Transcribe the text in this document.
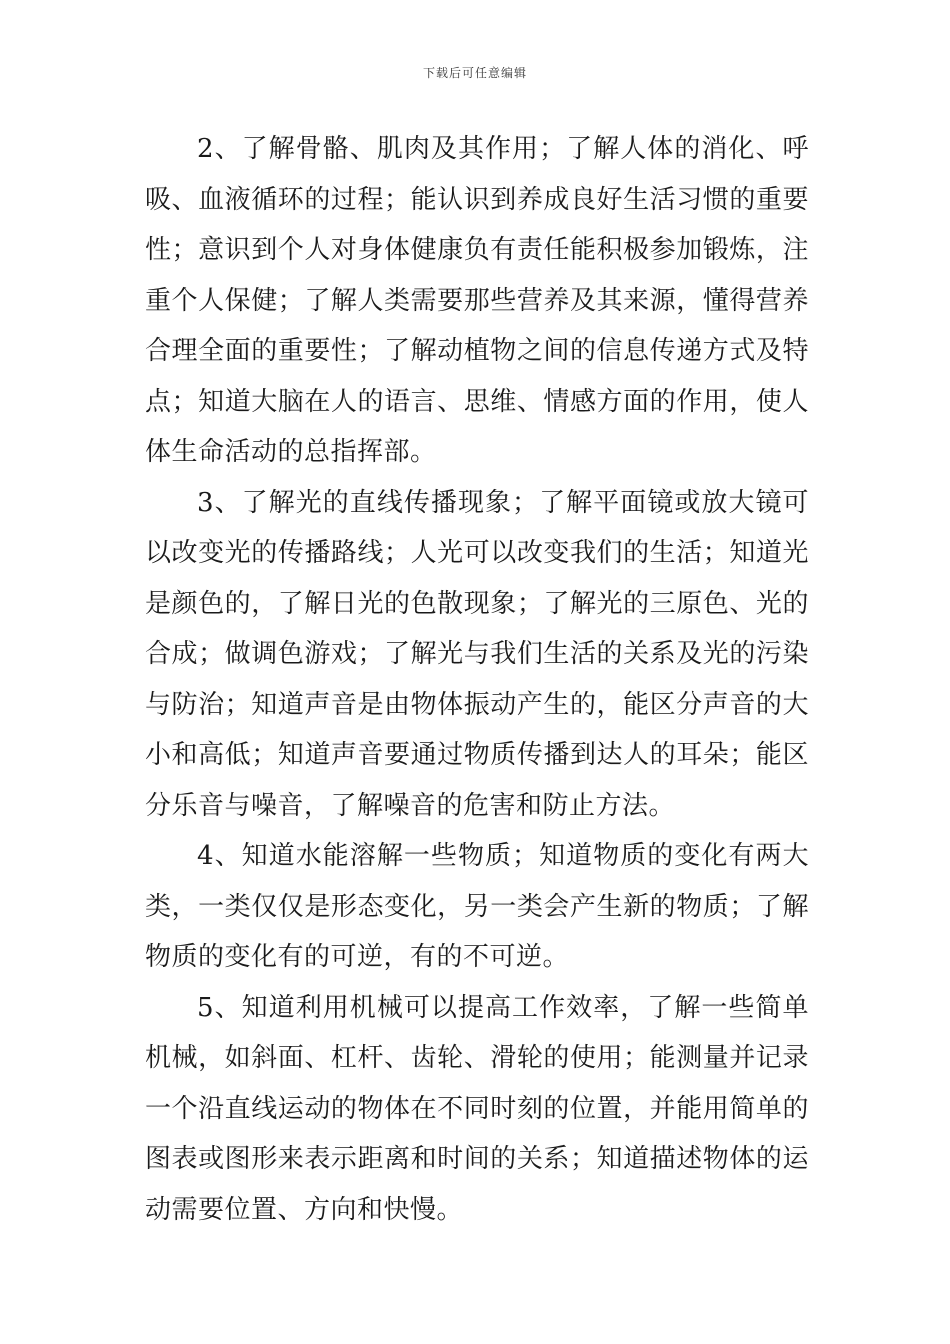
下载后可任意编辑

2、了解骨骼、肌肉及其作用；了解人体的消化、呼吸、血液循环的过程；能认识到养成良好生活习惯的重要性；意识到个人对身体健康负有责任能积极参加锻炼，注重个人保健；了解人类需要那些营养及其来源，懂得营养合理全面的重要性；了解动植物之间的信息传递方式及特点；知道大脑在人的语言、思维、情感方面的作用，使人体生命活动的总指挥部。

3、了解光的直线传播现象；了解平面镜或放大镜可以改变光的传播路线；人光可以改变我们的生活；知道光是颜色的，了解日光的色散现象；了解光的三原色、光的合成；做调色游戏；了解光与我们生活的关系及光的污染与防治；知道声音是由物体振动产生的，能区分声音的大小和高低；知道声音要通过物质传播到达人的耳朵；能区分乐音与噪音，了解噪音的危害和防止方法。

4、知道水能溶解一些物质；知道物质的变化有两大类，一类仅仅是形态变化，另一类会产生新的物质；了解物质的变化有的可逆，有的不可逆。

5、知道利用机械可以提高工作效率，了解一些简单机械，如斜面、杠杆、齿轮、滑轮的使用；能测量并记录一个沿直线运动的物体在不同时刻的位置，并能用简单的图表或图形来表示距离和时间的关系；知道描述物体的运动需要位置、方向和快慢。
